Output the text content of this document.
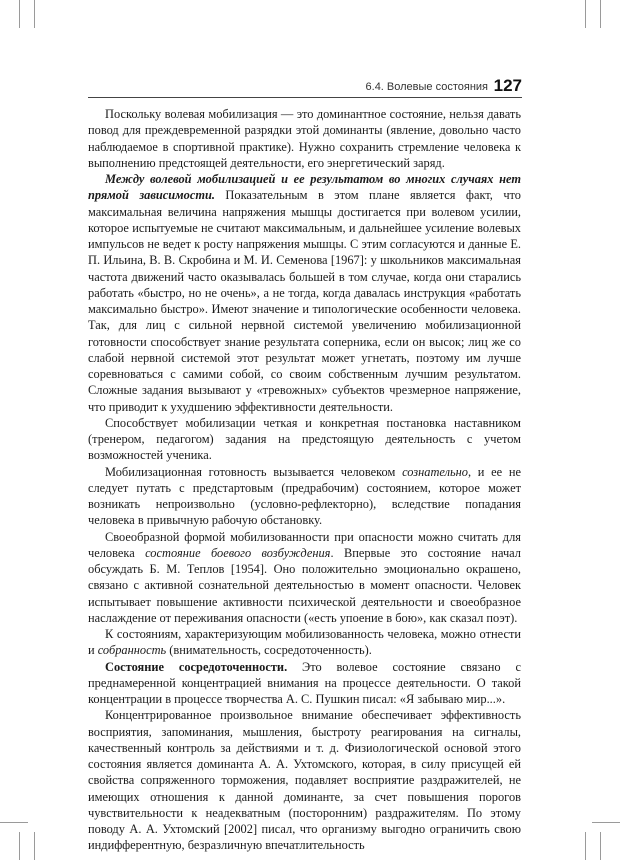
6.4. Волевые состояния 127

Поскольку волевая мобилизация — это доминантное состояние, нельзя давать повод для преждевременной разрядки этой доминанты (явление, довольно часто наблюдаемое в спортивной практике). Нужно сохранить стремление человека к выполнению предстоящей деятельности, его энергетический заряд.

Между волевой мобилизацией и ее результатом во многих случаях нет прямой зависимости. Показательным в этом плане является факт, что максимальная величина напряжения мышцы достигается при волевом усилии, которое испытуемые не считают максимальным, и дальнейшее усиление волевых импульсов не ведет к росту напряжения мышцы. С этим согласуются и данные Е. П. Ильина, В. В. Скробина и М. И. Семенова [1967]: у школьников максимальная частота движений часто оказывалась большей в том случае, когда они старались работать «быстро, но не очень», а не тогда, когда давалась инструкция «работать максимально быстро». Имеют значение и типологические особенности человека. Так, для лиц с сильной нервной системой увеличению мобилизационной готовности способствует знание результата соперника, если он высок; лиц же со слабой нервной системой этот результат может угнетать, поэтому им лучше соревноваться с самими собой, со своим собственным лучшим результатом. Сложные задания вызывают у «тревожных» субъектов чрезмерное напряжение, что приводит к ухудшению эффективности деятельности.

Способствует мобилизации четкая и конкретная постановка наставником (тренером, педагогом) задания на предстоящую деятельность с учетом возможностей ученика.

Мобилизационная готовность вызывается человеком сознательно, и ее не следует путать с предстартовым (предрабочим) состоянием, которое может возникать непроизвольно (условно-рефлекторно), вследствие попадания человека в привычную рабочую обстановку.

Своеобразной формой мобилизованности при опасности можно считать для человека состояние боевого возбуждения. Впервые это состояние начал обсуждать Б. М. Теплов [1954]. Оно положительно эмоционально окрашено, связано с активной сознательной деятельностью в момент опасности. Человек испытывает повышение активности психической деятельности и своеобразное наслаждение от переживания опасности («есть упоение в бою», как сказал поэт).

К состояниям, характеризующим мобилизованность человека, можно отнести и собранность (внимательность, сосредоточенность).

Состояние сосредоточенности. Это волевое состояние связано с преднамеренной концентрацией внимания на процессе деятельности. О такой концентрации в процессе творчества А. С. Пушкин писал: «Я забываю мир...».

Концентрированное произвольное внимание обеспечивает эффективность восприятия, запоминания, мышления, быстроту реагирования на сигналы, качественный контроль за действиями и т. д. Физиологической основой этого состояния является доминанта А. А. Ухтомского, которая, в силу присущей ей свойства сопряженного торможения, подавляет восприятие раздражителей, не имеющих отношения к данной доминанте, за счет повышения порогов чувствительности к неадекватным (посторонним) раздражителям. По этому поводу А. А. Ухтомский [2002] писал, что организму выгодно ограничить свою индифферентную, безразличную впечатлительность
